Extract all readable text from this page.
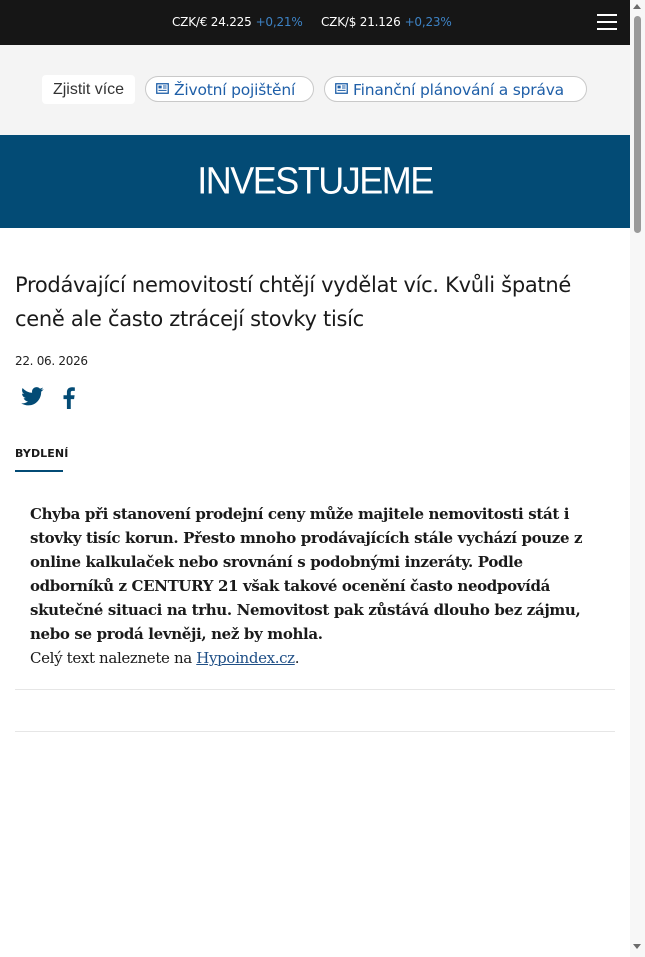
CZK/€ 24.225 +0,21% CZK/$ 21.126 +0,23%
Zjistit více	Životní pojištění	Finanční plánování a správa
INVESTUJEME
Prodávající nemovitostí chtějí vydělat víc. Kvůli špatné ceně ale často ztrácejí stovky tisíc
22. 06. 2026
BYDLENÍ

Chyba při stanovení prodejní ceny může majitele nemovitosti stát i stovky tisíc korun. Přesto mnoho prodávajících stále vychází pouze z online kalkulaček nebo srovnání s podobnými inzeráty. Podle odborníků z CENTURY 21 však takové ocenění často neodpovídá skutečné situaci na trhu. Nemovitost pak zůstává dlouho bez zájmu, nebo se prodá levněji, než by mohla.

Celý text naleznete na Hypoindex.cz.
